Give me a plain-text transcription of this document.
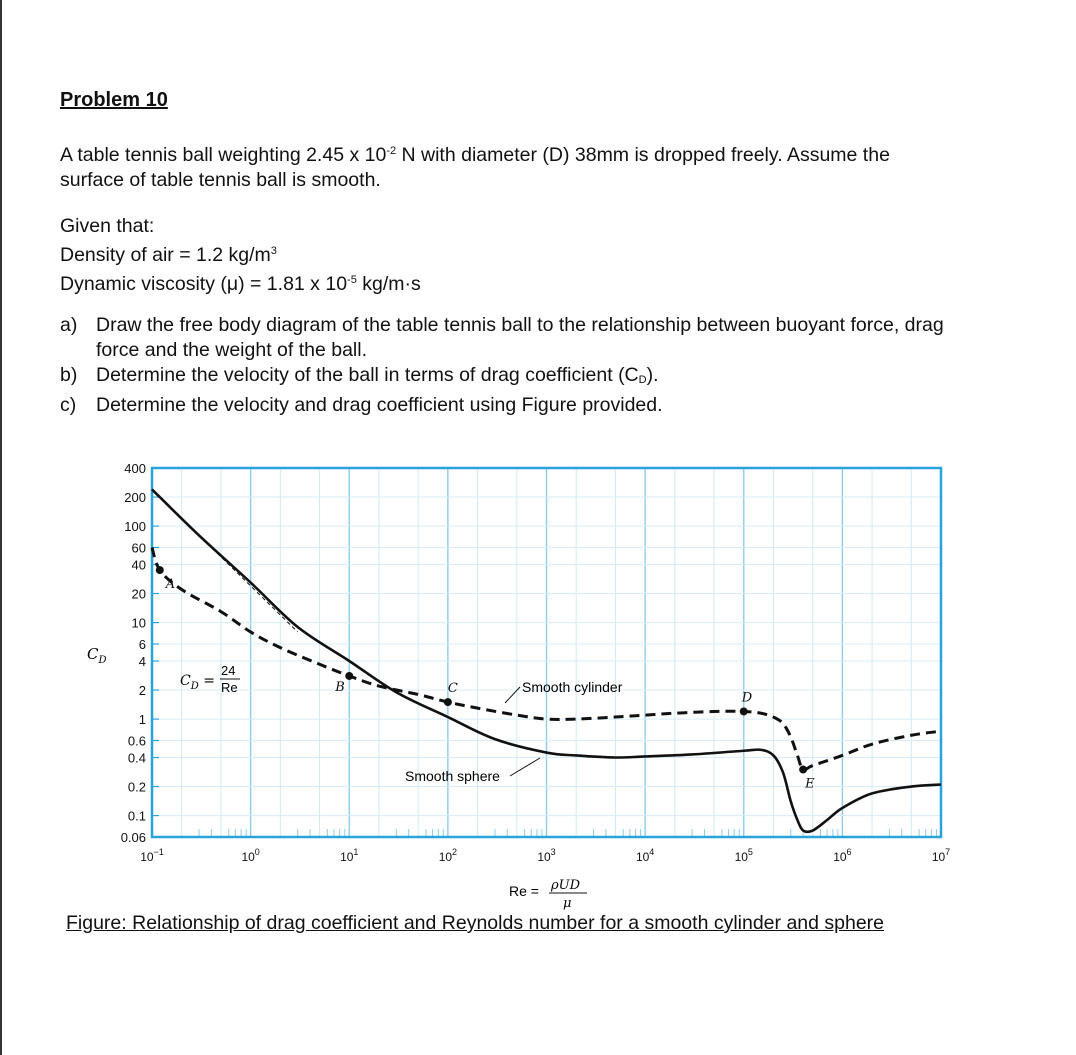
Problem 10
A table tennis ball weighting 2.45 x $10^{-2}$ N with diameter (D) 38mm is dropped freely. Assume the
surface of table tennis ball is smooth.
Given that:
Density of air = 1.2 $kg/m^3$
Dynamic viscosity (μ) = 1.81 x $10^{-5}$ kg/m·s
a) Draw the free body diagram of the table tennis ball to the relationship between buoyant force, drag force and the weight of the ball.
b) Determine the velocity of the ball in terms of drag coefficient $(C_D)$.
c)	Determine the velocity and drag coefficient using Figure provided.
400
200
100
60
40
20
10
6
4
2
1
0.6
0.4
0.2
0.1
0.06
$10^{-1}$	$10^0$	$10^1$	$10^2$	$10^3$	$10^4$	$10^5$	$10^6$	$10^7$
A
B	C
D
E
$C_D$
$C_D$ =
24
Re	Smooth cylinder
Smooth sphere
Re = ρUD
μ
Figure: Relationship of drag coefficient and Reynolds number for a smooth cylinder and sphere
